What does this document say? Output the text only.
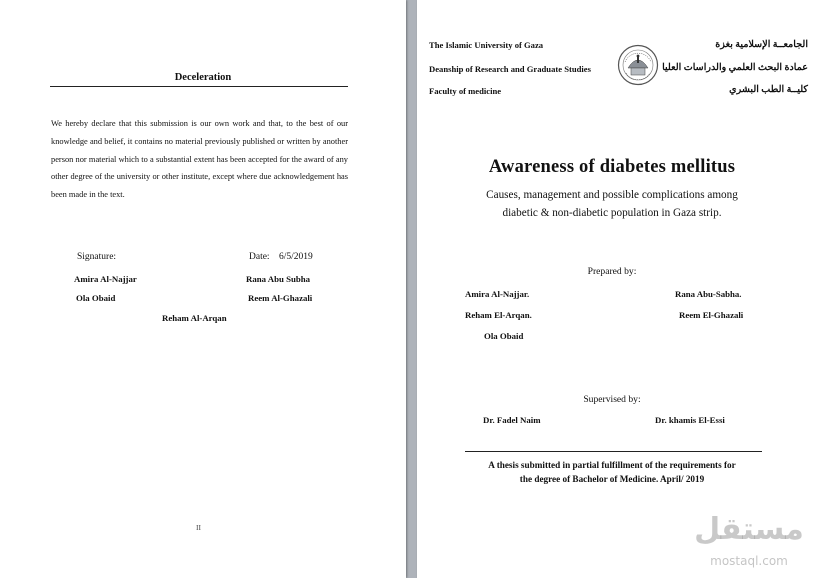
Deceleration
We hereby declare that this submission is our own work and that, to the best of our knowledge and belief, it contains no material previously published or written by another person nor material which to a substantial extent has been accepted for the award of any other degree of the university or other institute, except where due acknowledgement has been made in the text.
Signature:	Date: 6/5/2019
Amira Al-Najjar	Rana Abu Subha
Ola Obaid	Reem Al-Ghazali
Reham Al-Arqan
II
The Islamic University of Gaza
Deanship of Research and Graduate Studies
Faculty of medicine
الجامعــة الإسلامية بغزة
عمادة البحث العلمي والدراسات العليا
كليــة الطب البشري
Awareness of diabetes mellitus
Causes, management and possible complications among
diabetic & non-diabetic population in Gaza strip.
Prepared by:
Amira Al-Najjar.	Rana Abu-Sabha.
Reham El-Arqan.	Reem El-Ghazali
Ola Obaid
Supervised by:
Dr. Fadel Naim	Dr. khamis El-Essi
A thesis submitted in partial fulfillment of the requirements for
the degree of Bachelor of Medicine. April/ 2019
مستقل
mostaql.com
